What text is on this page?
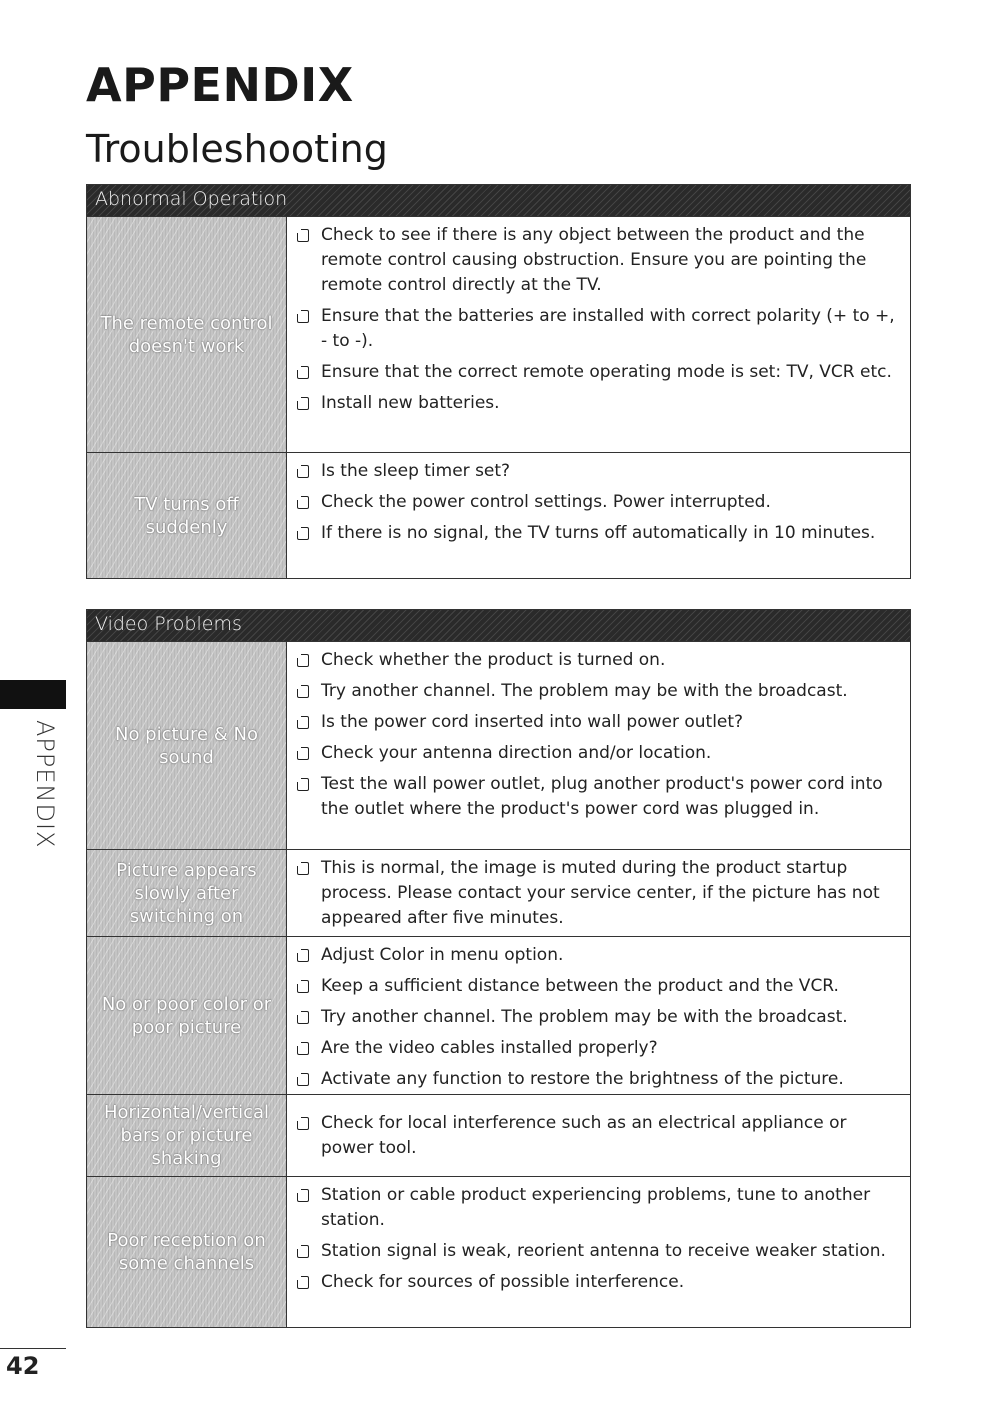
APPENDIX
Troubleshooting
APPENDIX
Abnormal Operation
The remote control doesn't work
Check to see if there is any object between the product and the remote control causing obstruction. Ensure you are pointing the remote control directly at the TV.
Ensure that the batteries are installed with correct polarity (+ to +, - to -).
Ensure that the correct remote operating mode is set: TV, VCR etc.
Install new batteries.
TV turns off suddenly
Is the sleep timer set?
Check the power control settings. Power interrupted.
If there is no signal, the TV turns off automatically in 10 minutes.
Video Problems
No picture & No sound
Check whether the product is turned on.
Try another channel. The problem may be with the broadcast.
Is the power cord inserted into wall power outlet?
Check your antenna direction and/or location.
Test the wall power outlet, plug another product's power cord into the outlet where the product's power cord was plugged in.
Picture appears slowly after switching on
This is normal, the image is muted during the product startup process. Please contact your service center, if the picture has not appeared after five minutes.
No or poor color or poor picture
Adjust Color in menu option.
Keep a sufficient distance between the product and the VCR.
Try another channel. The problem may be with the broadcast.
Are the video cables installed properly?
Activate any function to restore the brightness of the picture.
Horizontal/vertical bars or picture shaking
Check for local interference such as an electrical appliance or power tool.
Poor reception on some channels
Station or cable product experiencing problems, tune to another station.
Station signal is weak, reorient antenna to receive weaker station.
Check for sources of possible interference.
42
